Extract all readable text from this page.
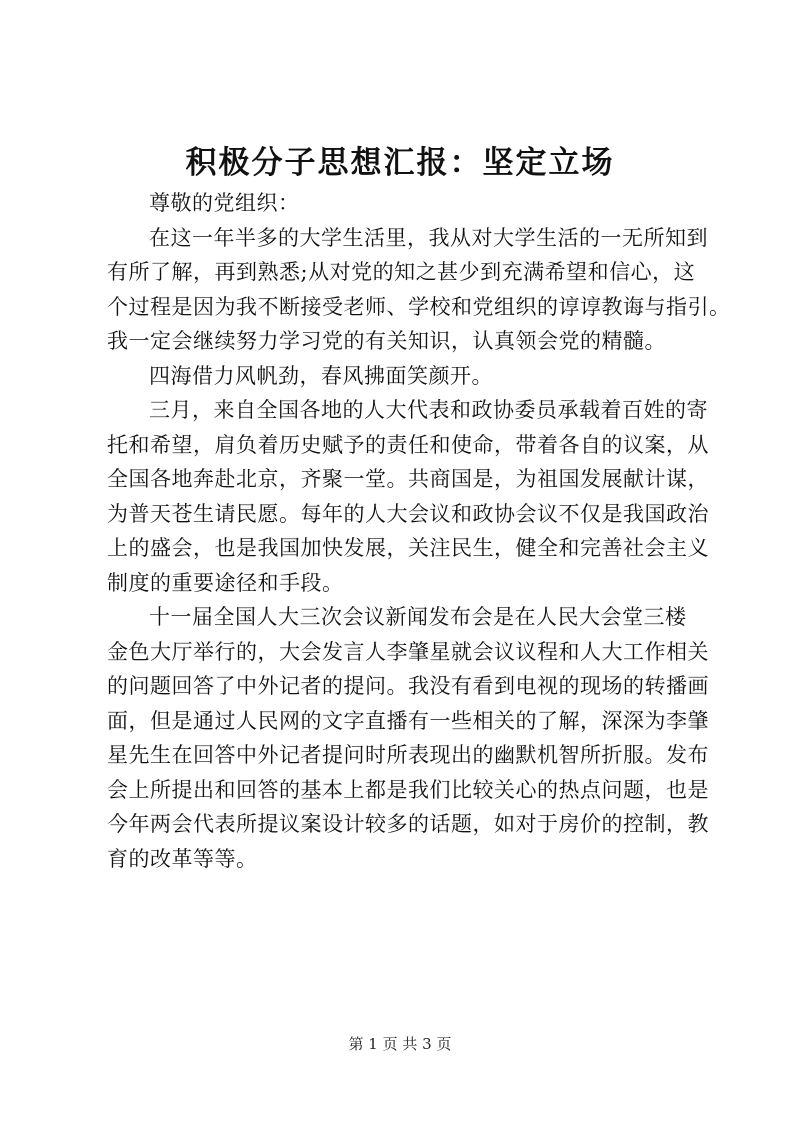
积极分子思想汇报：坚定立场
尊敬的党组织：
在这一年半多的大学生活里，我从对大学生活的一无所知到
有所了解，再到熟悉;从对党的知之甚少到充满希望和信心，这
个过程是因为我不断接受老师、学校和党组织的谆谆教诲与指引。
我一定会继续努力学习党的有关知识，认真领会党的精髓。
四海借力风帆劲，春风拂面笑颜开。
三月，来自全国各地的人大代表和政协委员承载着百姓的寄
托和希望，肩负着历史赋予的责任和使命，带着各自的议案，从
全国各地奔赴北京，齐聚一堂。共商国是，为祖国发展献计谋，
为普天苍生请民愿。每年的人大会议和政协会议不仅是我国政治
上的盛会，也是我国加快发展，关注民生，健全和完善社会主义
制度的重要途径和手段。
十一届全国人大三次会议新闻发布会是在人民大会堂三楼
金色大厅举行的，大会发言人李肇星就会议议程和人大工作相关
的问题回答了中外记者的提问。我没有看到电视的现场的转播画
面，但是通过人民网的文字直播有一些相关的了解，深深为李肇
星先生在回答中外记者提问时所表现出的幽默机智所折服。发布
会上所提出和回答的基本上都是我们比较关心的热点问题，也是
今年两会代表所提议案设计较多的话题，如对于房价的控制，教
育的改革等等。
第 1 页 共 3 页
